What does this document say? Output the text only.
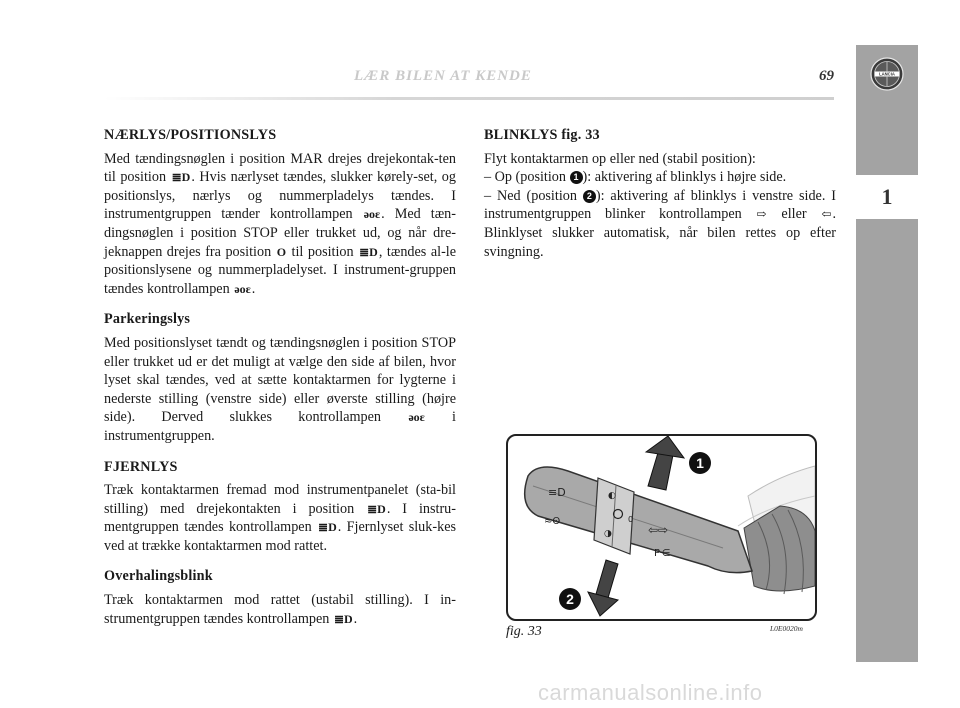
LÆR BILEN AT KENDE	69	LANCIA
1
NÆRLYS/POSITIONSLYS

Med tændingsnøglen i position MAR drejes drejekontak-ten til position ≣D. Hvis nærlyset tændes, slukker kørely-set, og positionslys, nærlys og nummerpladelys tændes. I instrumentgruppen tænder kontrollampen ǝoɛ. Med tæn-dingsnøglen i position STOP eller trukket ud, og når dre-jeknappen drejes fra position O til position ≣D, tændes al-le positionslysene og nummerpladelyset. I instrument-gruppen tændes kontrollampen ǝoɛ.

Parkeringslys

Med positionslyset tændt og tændingsnøglen i position STOP eller trukket ud er det muligt at vælge den side af bilen, hvor lyset skal tændes, ved at sætte kontaktarmen for lygterne i nederste stilling (venstre side) eller øverste stilling (højre side). Derved slukkes kontrollampen ǝoɛ i instrumentgruppen.

FJERNLYS

Træk kontaktarmen fremad mod instrumentpanelet (sta-bil stilling) med drejekontakten i position ≣D. I instru-mentgruppen tændes kontrollampen ≣D. Fjernlyset sluk-kes ved at trække kontaktarmen mod rattet.

Overhalingsblink

Træk kontaktarmen mod rattet (ustabil stilling). I in-strumentgruppen tændes kontrollampen ≣D.

BLINKLYS fig. 33
Flyt kontaktarmen op eller ned (stabil position):
– Op (position 1 ): aktivering af blinklys i højre side.
– Ned (position 2 ): aktivering af blinklys i venstre side. I instrumentgruppen blinker kontrollampen ⇨ eller ⇦. Blinklyset slukker automatisk, når bilen rettes op efter svingning.
≡D
≈ʘ
◐
◑	⇦⇨
P⋲
0
1
2
fig. 33	L0E0020m
carmanualsonline.info
